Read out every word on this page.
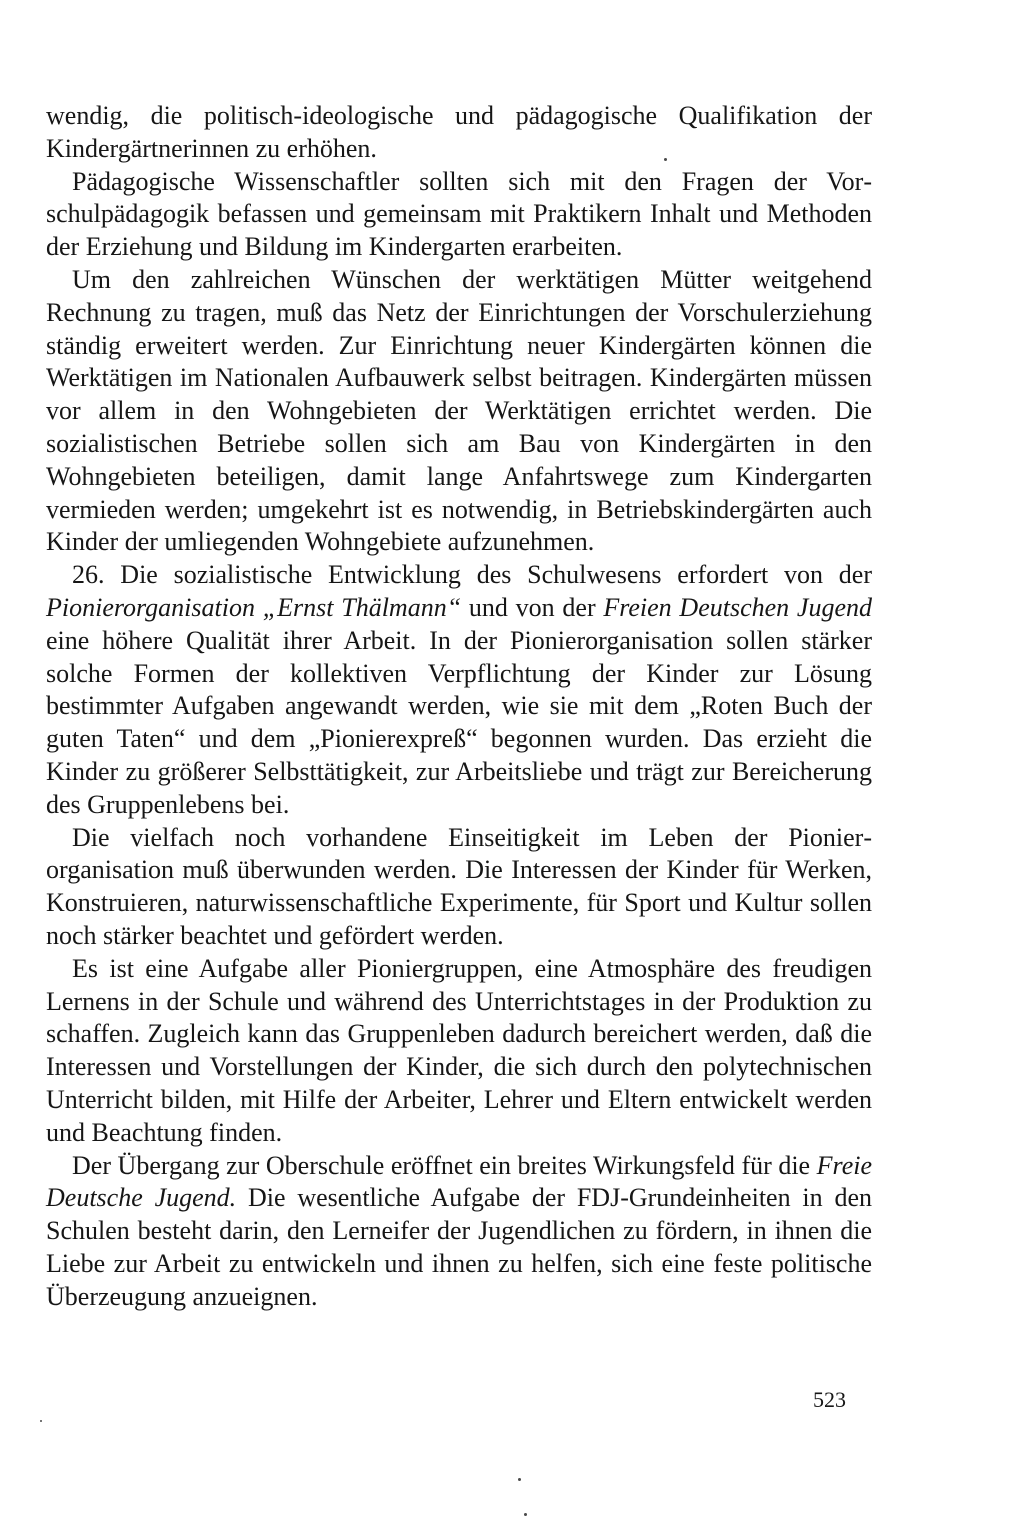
wendig, die politisch-ideologische und pädagogische Qualifikation der Kindergärtnerinnen zu erhöhen.

Pädagogische Wissenschaftler sollten sich mit den Fragen der Vorschulpädagogik befassen und gemeinsam mit Praktikern Inhalt und Methoden der Erziehung und Bildung im Kindergarten erarbeiten.

Um den zahlreichen Wünschen der werktätigen Mütter weitgehend Rechnung zu tragen, muß das Netz der Einrichtungen der Vorschulerziehung ständig erweitert werden. Zur Einrichtung neuer Kindergärten können die Werktätigen im Nationalen Aufbauwerk selbst beitragen. Kindergärten müssen vor allem in den Wohngebieten der Werktätigen errichtet werden. Die sozialistischen Betriebe sollen sich am Bau von Kindergärten in den Wohngebieten beteiligen, damit lange Anfahrtswege zum Kindergarten vermieden werden; umgekehrt ist es notwendig, in Betriebskindergärten auch Kinder der umliegenden Wohngebiete aufzunehmen.

26. Die sozialistische Entwicklung des Schulwesens erfordert von der Pionierorganisation „Ernst Thälmann“ und von der Freien Deutschen Jugend eine höhere Qualität ihrer Arbeit. In der Pionierorganisation sollen stärker solche Formen der kollektiven Verpflichtung der Kinder zur Lösung bestimmter Aufgaben angewandt werden, wie sie mit dem „Roten Buch der guten Taten“ und dem „Pionierexpreß“ begonnen wurden. Das erzieht die Kinder zu größerer Selbsttätigkeit, zur Arbeitsliebe und trägt zur Bereicherung des Gruppenlebens bei.

Die vielfach noch vorhandene Einseitigkeit im Leben der Pionierorganisation muß überwunden werden. Die Interessen der Kinder für Werken, Konstruieren, naturwissenschaftliche Experimente, für Sport und Kultur sollen noch stärker beachtet und gefördert werden.

Es ist eine Aufgabe aller Pioniergruppen, eine Atmosphäre des freudigen Lernens in der Schule und während des Unterrichtstages in der Produktion zu schaffen. Zugleich kann das Gruppenleben dadurch bereichert werden, daß die Interessen und Vorstellungen der Kinder, die sich durch den polytechnischen Unterricht bilden, mit Hilfe der Arbeiter, Lehrer und Eltern entwickelt werden und Beachtung finden.

Der Übergang zur Oberschule eröffnet ein breites Wirkungsfeld für die Freie Deutsche Jugend. Die wesentliche Aufgabe der FDJ-Grundeinheiten in den Schulen besteht darin, den Lerneifer der Jugendlichen zu fördern, in ihnen die Liebe zur Arbeit zu entwickeln und ihnen zu helfen, sich eine feste politische Überzeugung anzueignen.

523
